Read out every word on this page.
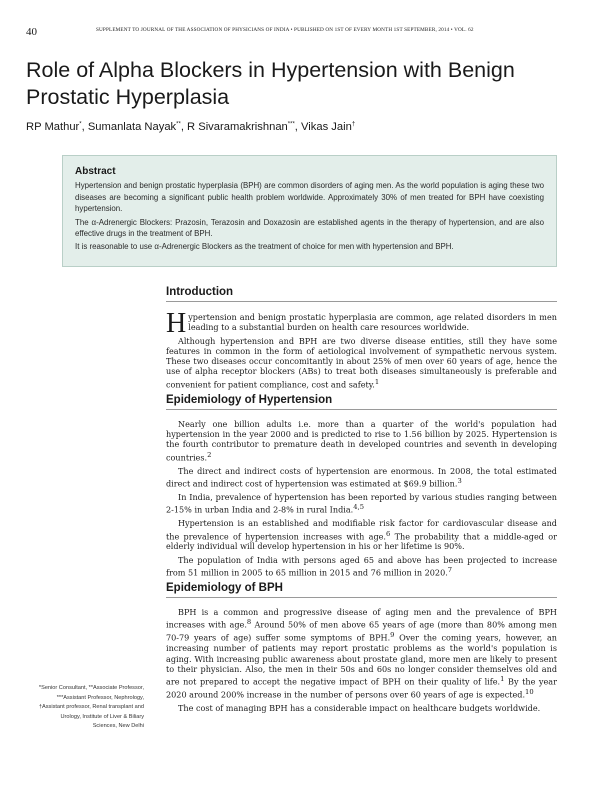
40	SUPPLEMENT TO JOURNAL OF THE ASSOCIATION OF PHYSICIANS OF INDIA • PUBLISHED ON 1ST OF EVERY MONTH 1ST SEPTEMBER, 2014 • VOL. 62
Role of Alpha Blockers in Hypertension with Benign Prostatic Hyperplasia
RP Mathur*, Sumanlata Nayak**, R Sivaramakrishnan***, Vikas Jain†
Abstract

Hypertension and benign prostatic hyperplasia (BPH) are common disorders of aging men. As the world population is aging these two diseases are becoming a significant public health problem worldwide. Approximately 30% of men treated for BPH have coexisting hypertension.

The α-Adrenergic Blockers: Prazosin, Terazosin and Doxazosin are established agents in the therapy of hypertension, and are also effective drugs in the treatment of BPH.

It is reasonable to use α-Adrenergic Blockers as the treatment of choice for men with hypertension and BPH.

Introduction

Hypertension and benign prostatic hyperplasia are common, age related disorders in men leading to a substantial burden on health care resources worldwide.

Although hypertension and BPH are two diverse disease entities, still they have some features in common in the form of aetiological involvement of sympathetic nervous system. These two diseases occur concomitantly in about 25% of men over 60 years of age, hence the use of alpha receptor blockers (ABs) to treat both diseases simultaneously is preferable and convenient for patient compliance, cost and safety.$^1$

Epidemiology of Hypertension

Nearly one billion adults i.e. more than a quarter of the world's population had hypertension in the year 2000 and is predicted to rise to 1.56 billion by 2025. Hypertension is the fourth contributor to premature death in developed countries and seventh in developing countries.$^2$

The direct and indirect costs of hypertension are enormous. In 2008, the total estimated direct and indirect cost of hypertension was estimated at $69.9 billion.$^3$

In India, prevalence of hypertension has been reported by various studies ranging between 2-15% in urban India and 2-8% in rural India.$^{4,5}$

Hypertension is an established and modifiable risk factor for cardiovascular disease and the prevalence of hypertension increases with age.$^6$ The probability that a middle-aged or elderly individual will develop hypertension in his or her lifetime is 90%.

The population of India with persons aged 65 and above has been projected to increase from 51 million in 2005 to 65 million in 2015 and 76 million in 2020.$^7$

Epidemiology of BPH

BPH is a common and progressive disease of aging men and the prevalence of BPH increases with age.$^8$ Around 50% of men above 65 years of age (more than 80% among men 70-79 years of age) suffer some symptoms of BPH.$^9$ Over the coming years, however, an increasing number of patients may report prostatic problems as the world's population is aging. With increasing public awareness about prostate gland, more men are likely to present to their physician. Also, the men in their 50s and 60s no longer consider themselves old and are not prepared to accept the negative impact of BPH on their quality of life.$^1$ By the year 2020 around 200% increase in the number of persons over 60 years of age is expected.$^{10}$

The cost of managing BPH has a considerable impact on healthcare budgets worldwide.

*Senior Consultant, **Associate Professor, ***Assistant Professor, Nephrology, †Assistant professor, Renal transplant and Urology, Institute of Liver & Biliary Sciences, New Delhi
